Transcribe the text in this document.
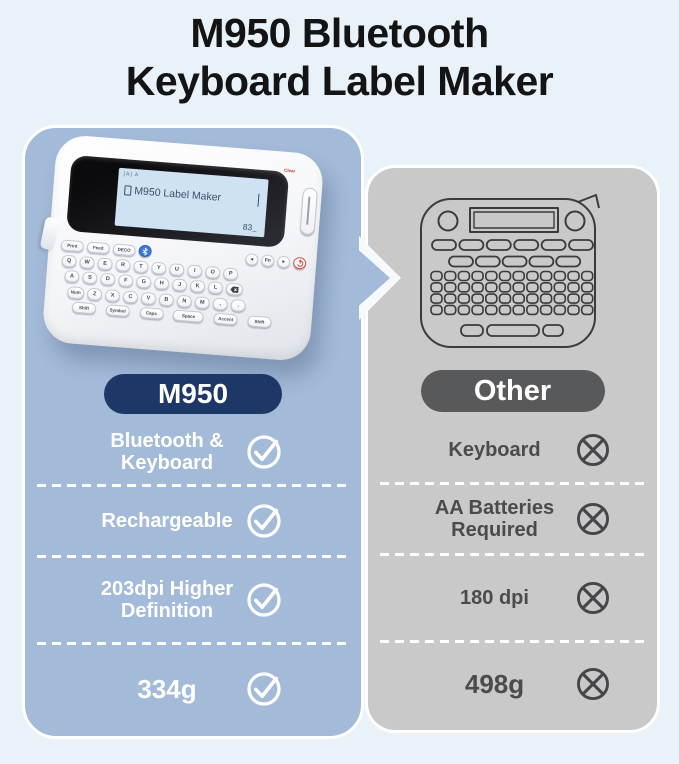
M950 Bluetooth
Keyboard Label Maker
[A] A
M950 Label Maker
83__
Print	Feed	DECO
◂	Fn	▸
Q	W	E	R	T	Y	U	I	O	P
A	S	D	F	G	H	J	K	L
Num	Z	X	C	V	B	N	M	,	.
Shift	Symbol	Caps	Space	Accent	Shift
Clear
M950
Bluetooth &
Keyboard
Rechargeable
203dpi Higher
Definition
334g
Other
Keyboard
AA Batteries
Required
180 dpi
498g
